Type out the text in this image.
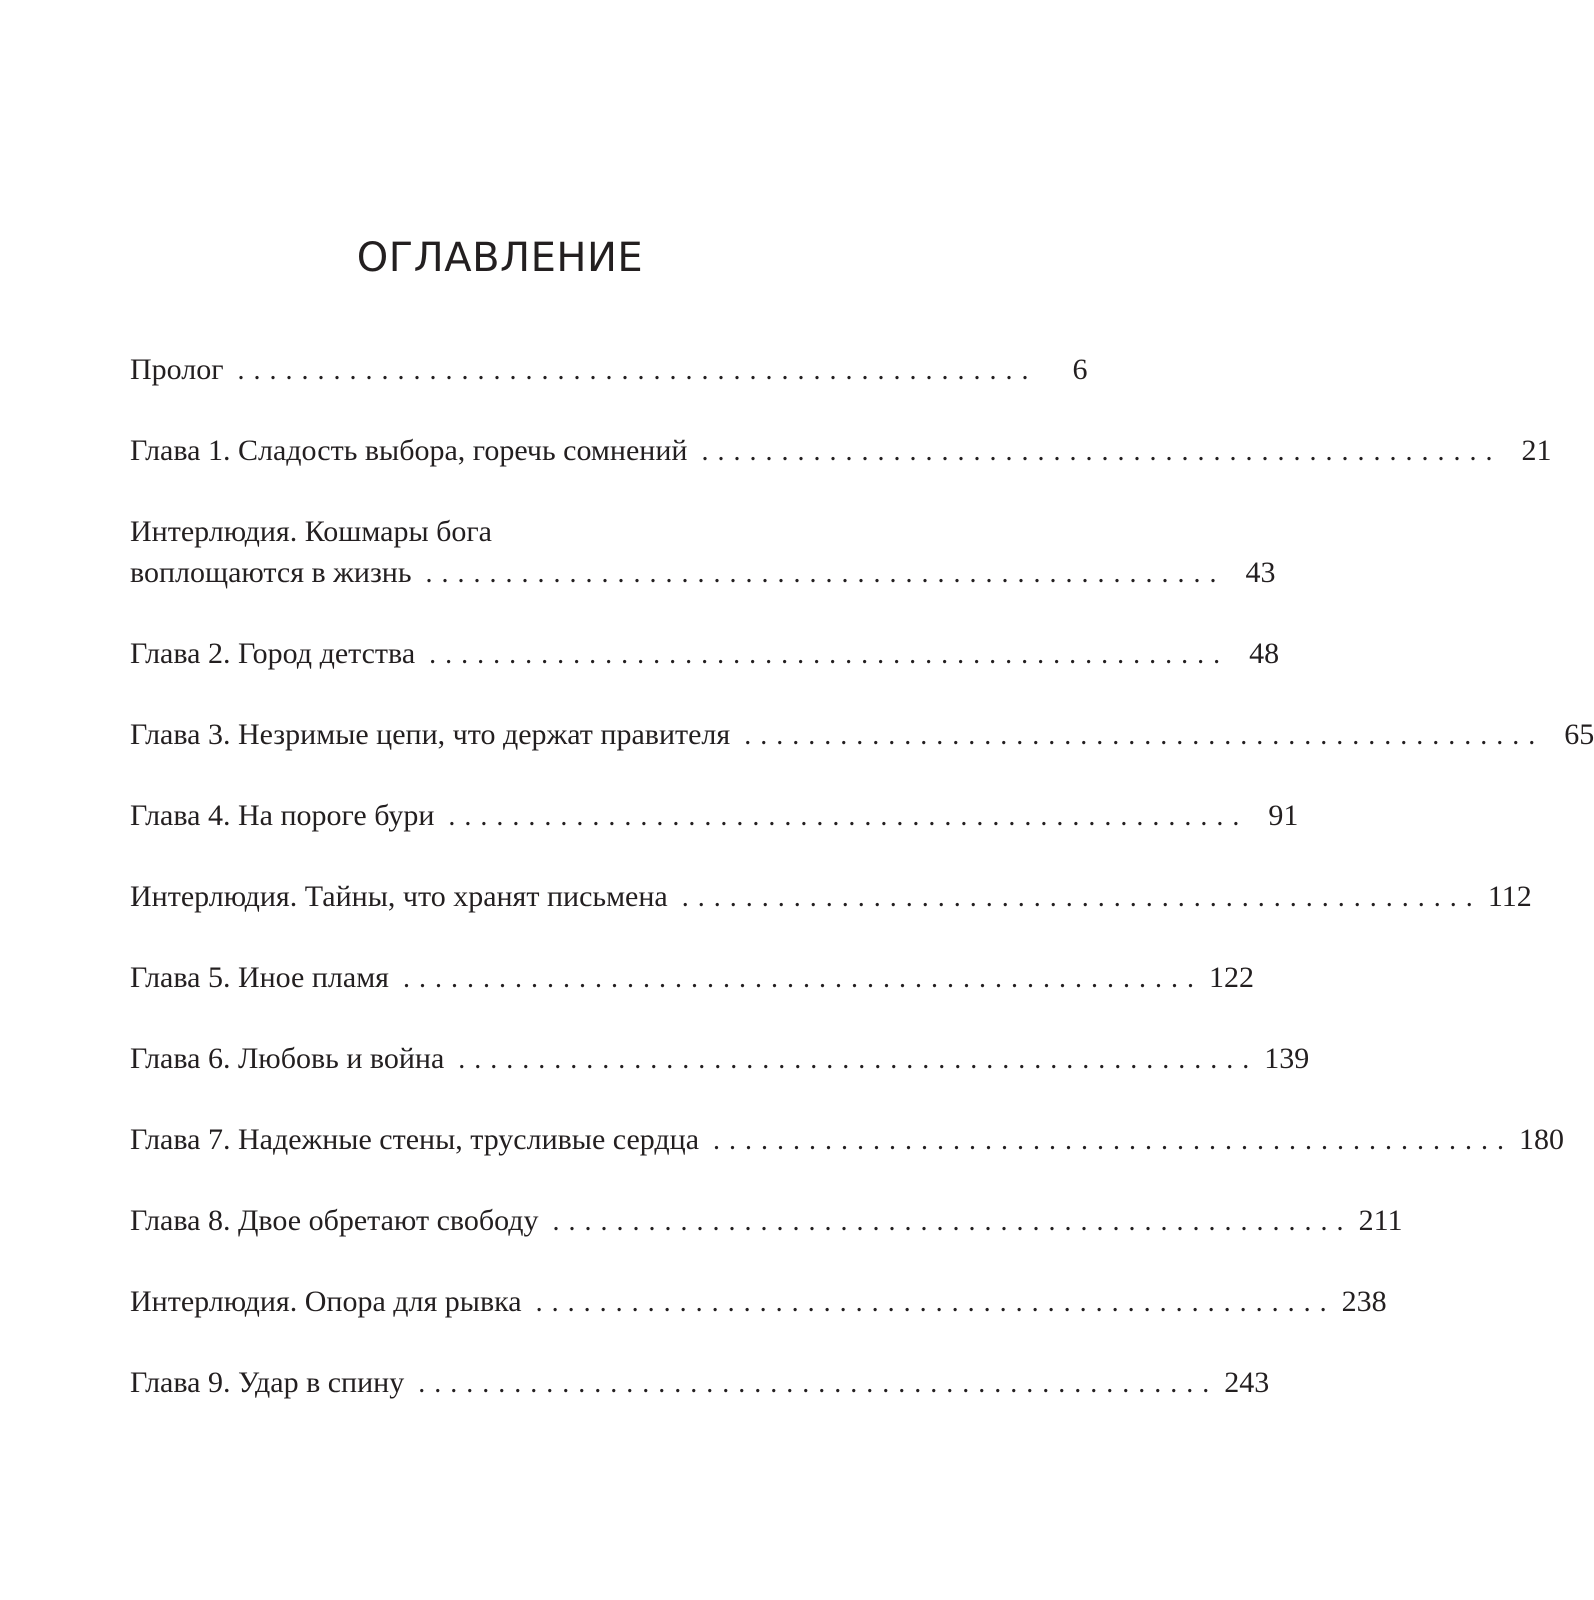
ОГЛАВЛЕНИЕ
Пролог ..................................................	6
Глава 1. Сладость выбора, горечь сомнений .................................................. 21
Интерлюдия. Кошмары бога
воплощаются в жизнь .................................................. 43
Глава 2. Город детства .................................................. 48
Глава 3. Незримые цепи, что держат правителя .................................................. 65
Глава 4. На пороге бури .................................................. 91
Интерлюдия. Тайны, что хранят письмена .................................................. 112
Глава 5. Иное пламя .................................................. 122
Глава 6. Любовь и война .................................................. 139
Глава 7. Надежные стены, трусливые сердца .................................................. 180
Глава 8. Двое обретают свободу .................................................. 211
Интерлюдия. Опора для рывка .................................................. 238
Глава 9. Удар в спину .................................................. 243
